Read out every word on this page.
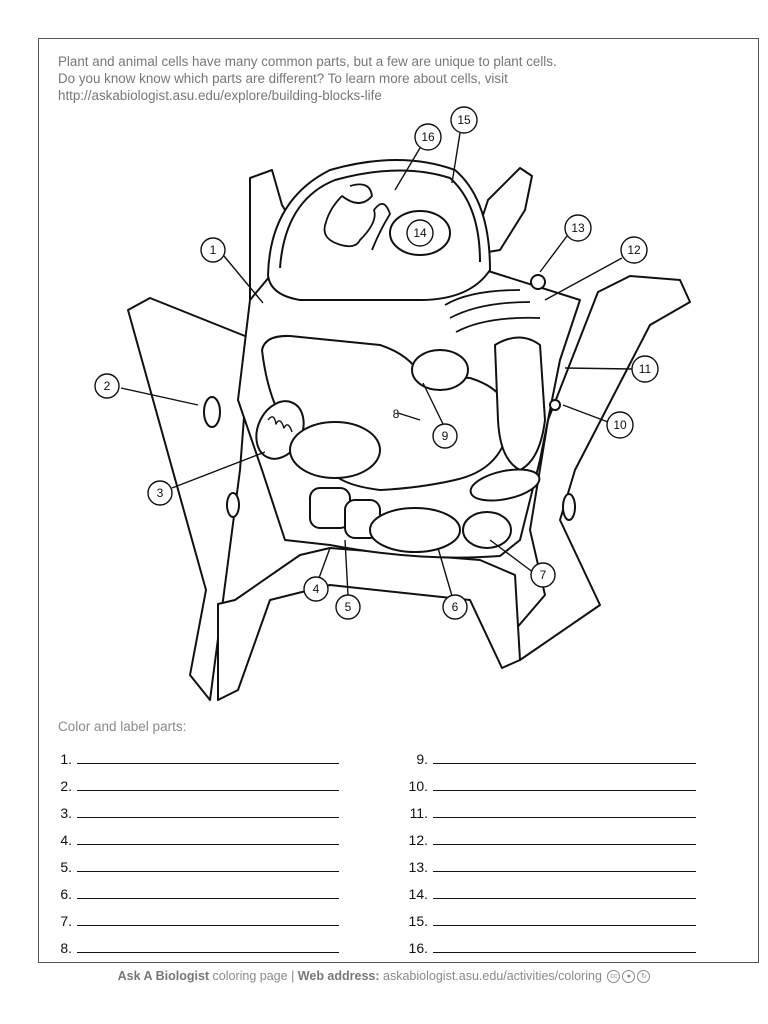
Plant and animal cells have many common parts, but a few are unique to plant cells.
Do you know know which parts are different? To learn more about cells, visit
http://askabiologist.asu.edu/explore/building-blocks-life
1
2
3
4
5	6
7
8
9
10
11
12
13
14
15
16
Color and label parts:
1.
2.
3.
4.
5.
6.
7.
8.
9.
10.
11.
12.
13.
14.
15.
16.
Ask A Biologist coloring page | Web address: askabiologist.asu.edu/activities/coloring cc ● ↻
